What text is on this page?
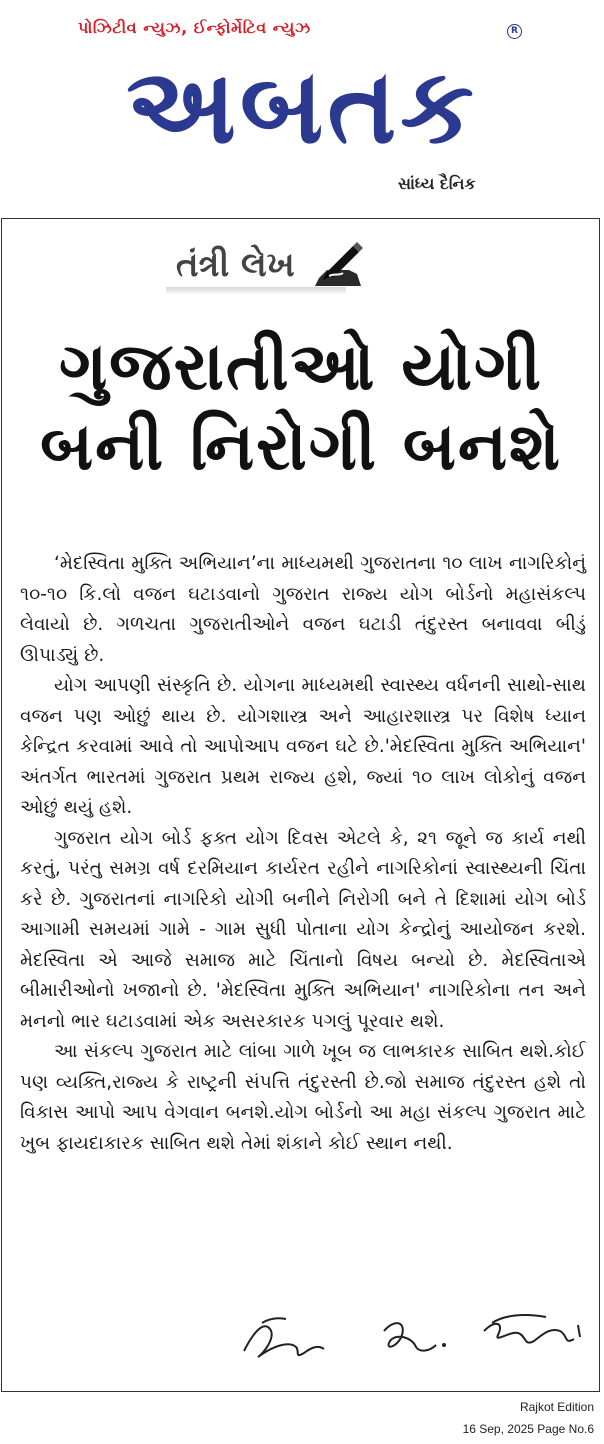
પોઝિટીવ ન્યુઝ, ઈન્ફોર્મેટિવ ન્યુઝ	R
અબતક
સાંધ્ય દૈનિક
તંત્રી લેખ
ગુજરાતીઓ યોગી
બની નિરોગી બનશે

‘મેદસ્વિતા મુક્તિ અભિયાન’ના માધ્યમથી ગુજરાતના ૧૦ લાખ નાગરિકોનું ૧૦-૧૦ કિ.લો વજન ઘટાડવાનો ગુજરાત રાજ્ય યોગ બોર્ડનો મહાસંકલ્પ લેવાયો છે. ગળચતા ગુજરાતીઓને વજન ઘટાડી તંદુરસ્ત બનાવવા બીડું ઊપાડ્યું છે.

યોગ આપણી સંસ્કૃતિ છે. યોગના માધ્યમથી સ્વાસ્થ્ય વર્ધનની સાથો-સાથ વજન પણ ઓછું થાય છે. યોગશાસ્ત્ર અને આહારશાસ્ત્ર પર વિશેષ ધ્યાન કેન્દ્રિત કરવામાં આવે તો આપોઆપ વજન ઘટે છે.'મેદસ્વિતા મુક્તિ અભિયાન' અંતર્ગત ભારતમાં ગુજરાત પ્રથમ રાજ્ય હશે, જ્યાં ૧૦ લાખ લોકોનું વજન ઓછું થયું હશે.

ગુજરાત યોગ બોર્ડ ફક્ત યોગ દિવસ એટલે કે, ૨૧ જૂને જ કાર્ય નથી કરતું, પરંતુ સમગ્ર વર્ષ દરમિયાન કાર્યરત રહીને નાગરિકોનાં સ્વાસ્થ્યની ચિંતા કરે છે. ગુજરાતનાં નાગરિકો યોગી બનીને નિરોગી બને તે દિશામાં યોગ બોર્ડ આગામી સમયમાં ગામે - ગામ સુધી પોતાના યોગ કેન્દ્રોનું આયોજન કરશે. મેદસ્વિતા એ આજે સમાજ માટે ચિંતાનો વિષય બન્યો છે. મેદસ્વિતાએ બીમારીઓનો ખજાનો છે. 'મેદસ્વિતા મુક્તિ અભિયાન' નાગરિકોના તન અને મનનો ભાર ઘટાડવામાં એક અસરકારક પગલું પૂરવાર થશે.

આ સંકલ્પ ગુજરાત માટે લાંબા ગાળે ખૂબ જ લાભકારક સાબિત થશે.કોઈ પણ વ્યક્તિ,રાજ્ય કે રાષ્ટ્રની સંપત્તિ તંદુરસ્તી છે.જો સમાજ તંદુરસ્ત હશે તો વિકાસ આપો આપ વેગવાન બનશે.યોગ બોર્ડનો આ મહા સંકલ્પ ગુજરાત માટે ખુબ ફાયદાકારક સાબિત થશે તેમાં શંકાને કોઈ સ્થાન નથી.

Rajkot Edition
16 Sep, 2025 Page No.6
